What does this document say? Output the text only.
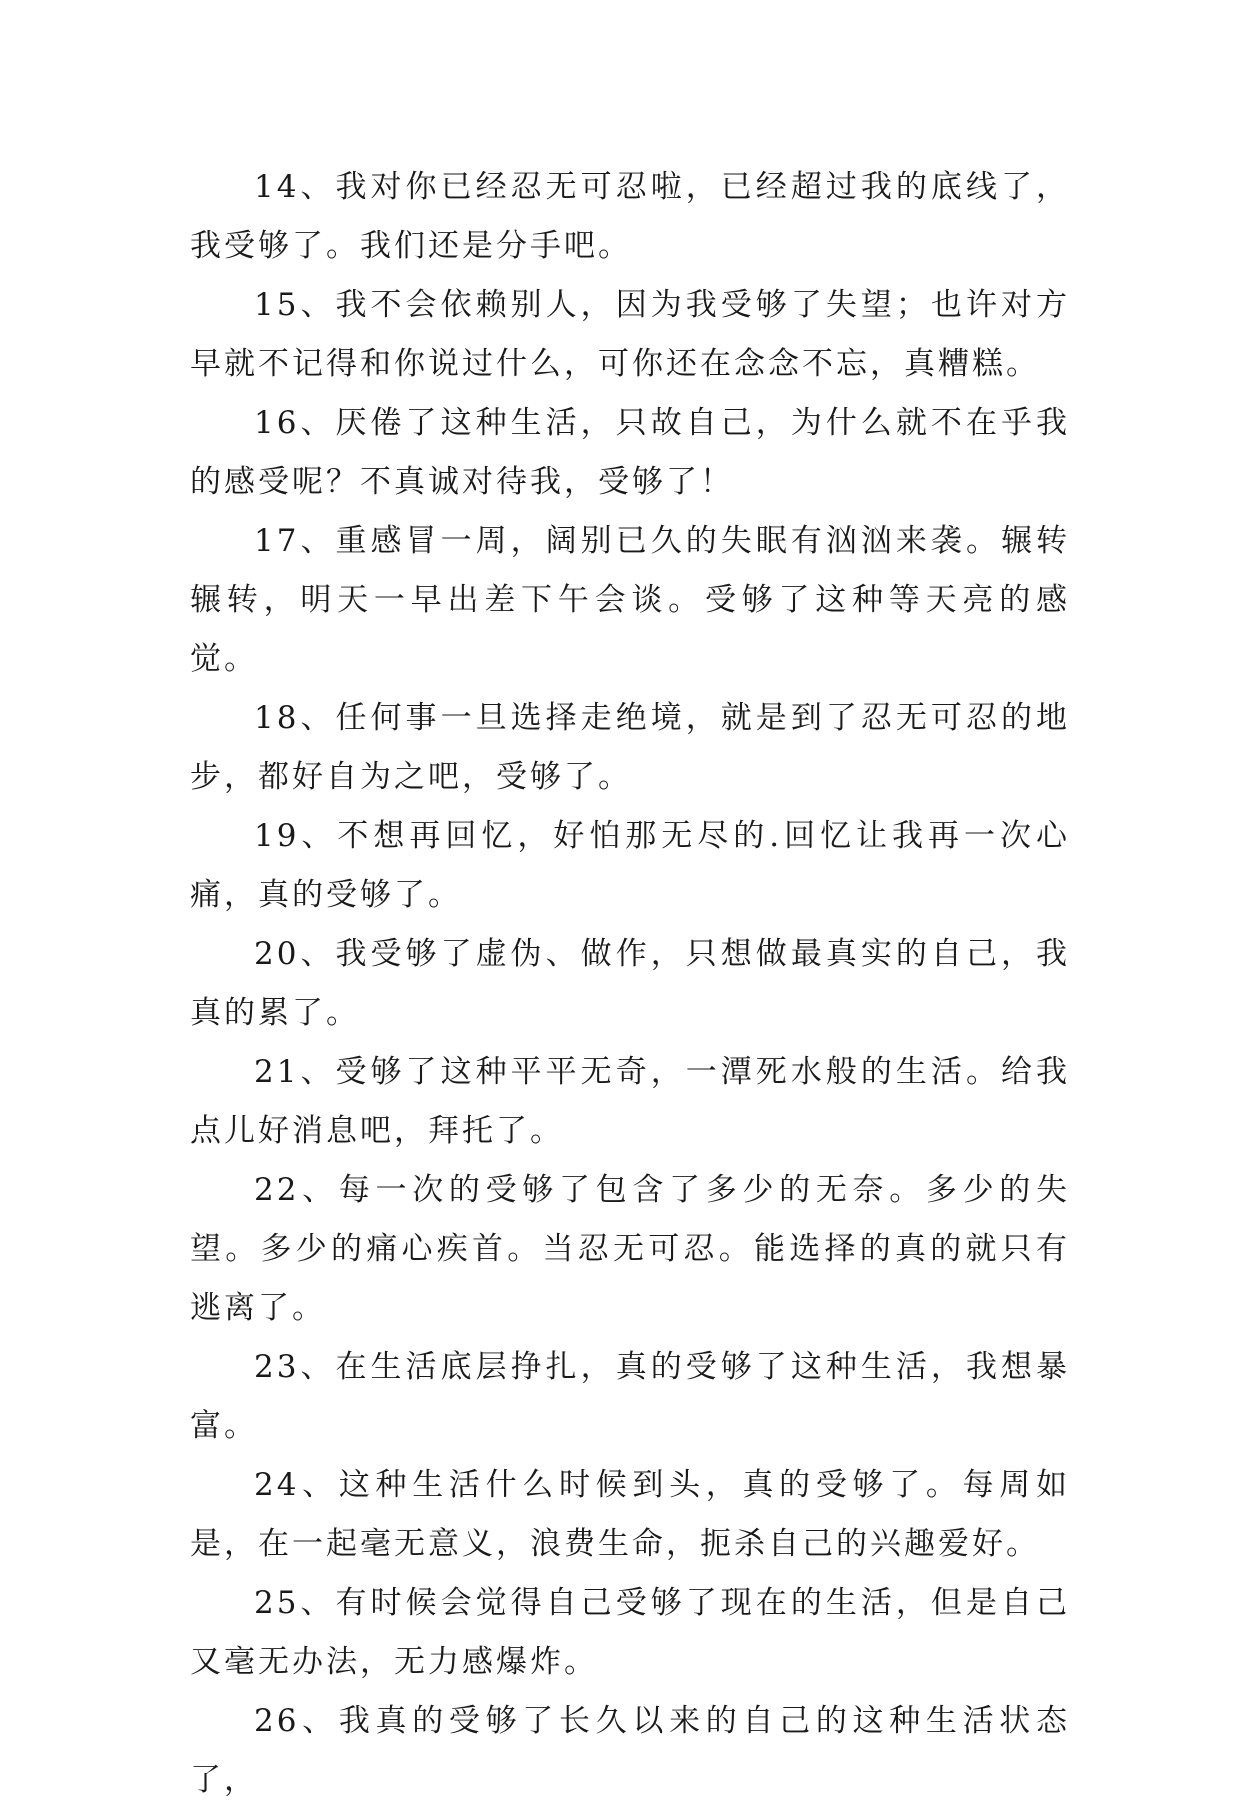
14、我对你已经忍无可忍啦，已经超过我的底线了，我受够了。我们还是分手吧。

15、我不会依赖别人，因为我受够了失望；也许对方早就不记得和你说过什么，可你还在念念不忘，真糟糕。

16、厌倦了这种生活，只故自己，为什么就不在乎我的感受呢？不真诚对待我，受够了！

17、重感冒一周，阔别已久的失眠有汹汹来袭。辗转辗转，明天一早出差下午会谈。受够了这种等天亮的感觉。

18、任何事一旦选择走绝境，就是到了忍无可忍的地步，都好自为之吧，受够了。

19、不想再回忆，好怕那无尽的.回忆让我再一次心痛，真的受够了。

20、我受够了虚伪、做作，只想做最真实的自己，我真的累了。

21、受够了这种平平无奇，一潭死水般的生活。给我点儿好消息吧，拜托了。

22、每一次的受够了包含了多少的无奈。多少的失望。多少的痛心疾首。当忍无可忍。能选择的真的就只有逃离了。

23、在生活底层挣扎，真的受够了这种生活，我想暴富。

24、这种生活什么时候到头，真的受够了。每周如是，在一起毫无意义，浪费生命，扼杀自己的兴趣爱好。

25、有时候会觉得自己受够了现在的生活，但是自己又毫无办法，无力感爆炸。

26、我真的受够了长久以来的自己的这种生活状态了，
